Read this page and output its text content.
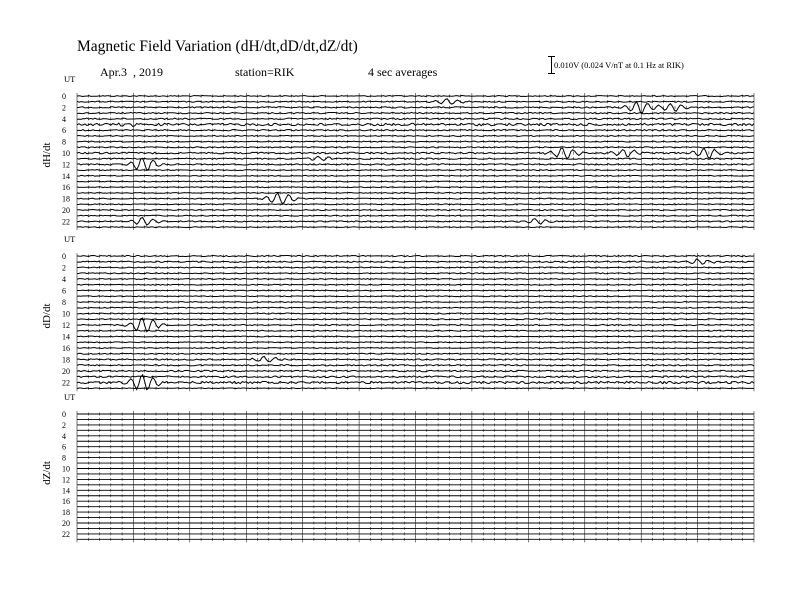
Magnetic Field Variation (dH/dt,dD/dt,dZ/dt)
Apr.3  , 2019	station=RIK	4 sec averages	0.010V (0.024 V/nT at 0.1 Hz at RIK)
UT
dH/dt
0
2
4
6
8
10
12
14
16
18
20
22
UT
dD/dt
0
2
4
6
8
10
12
14
16
18
20
22
UT
dZ/dt
0
2
4
6
8
10
12
14
16
18
20
22
